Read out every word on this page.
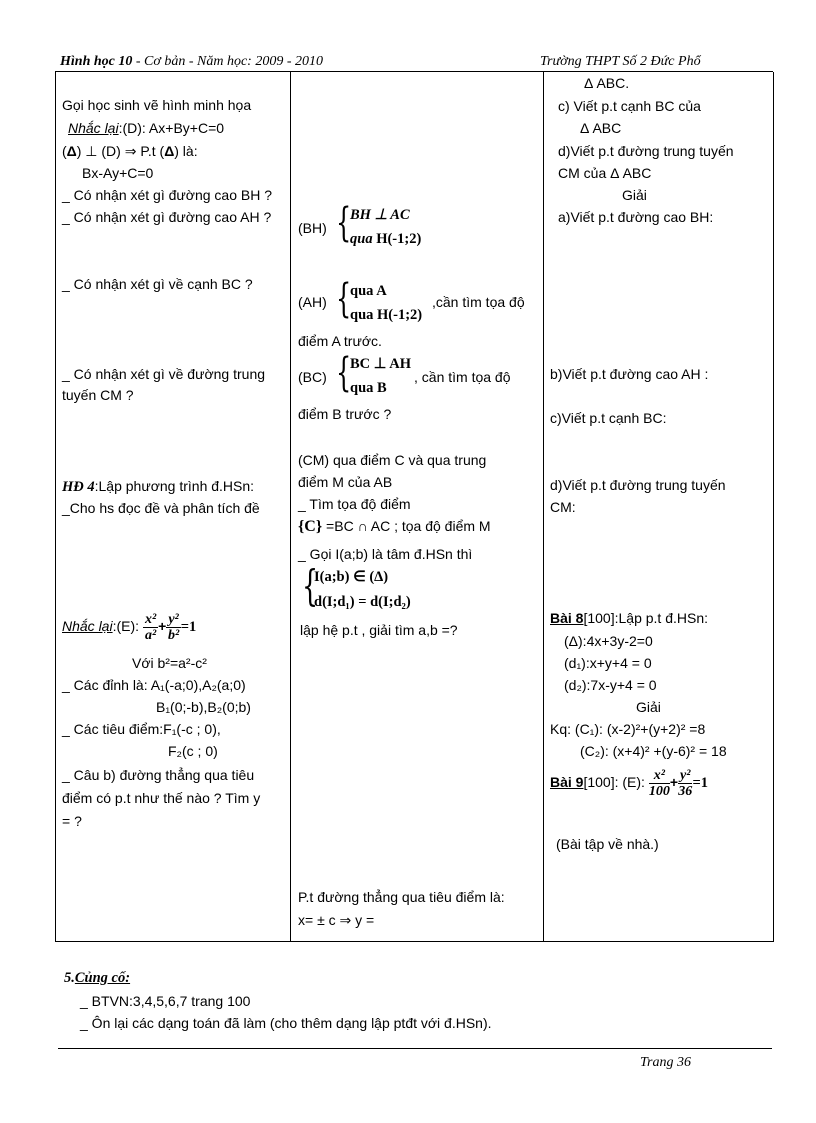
Hình học 10 - Cơ bản - Năm học: 2009 - 2010	Trường THPT Số 2 Đức Phổ
Gọi học sinh vẽ hình minh họa
Nhắc lại:(D): Ax+By+C=0
(Δ) ⊥ (D) ⇒ P.t (Δ) là:
Bx-Ay+C=0
_ Có nhận xét gì đường cao BH ?
_ Có nhận xét gì đường cao AH ?
_ Có nhận xét gì về cạnh BC ?
_ Có nhận xét gì về đường trung
tuyến CM ?
HĐ 4:Lập phương trình đ.HSn:
_Cho hs đọc đề và phân tích đề
Nhắc lại:(E): $\frac{\text{x²}}{\text{a²}} + \frac{\text{y²}}{\text{b²}} =1$
Với b²=a²-c²
_ Các đỉnh là: A₁(-a;0),A₂(a;0)
B₁(0;-b),B₂(0;b)
_ Các tiêu điểm:F₁(-c ; 0),
F₂(c ; 0)
_ Câu b) đường thẳng qua tiêu
điểm có p.t như thế nào ? Tìm y
= ?
(BH) {
BH ⊥ AC
qua H(-1;2)
(AH) {
qua A
qua H(-1;2)
,cần tìm tọa độ
điểm A trước.
(BC) {
BC ⊥ AH
qua B
, cần tìm tọa độ
điểm B trước ?
(CM) qua điểm C và qua trung
điểm M của AB
_ Tìm tọa độ điểm
{C} =BC ∩ AC ; tọa độ điểm M
_ Gọi I(a;b) là tâm đ.HSn thì
{
I(a;b) ∈ (Δ)
d(I;d₁) = d(I;d₂)
lập hệ p.t , giải tìm a,b =?
P.t đường thẳng qua tiêu điểm là:
x= ± c ⇒ y =
Δ ABC.
c) Viết p.t cạnh BC của
Δ ABC
d)Viết p.t đường trung tuyến
CM của Δ ABC
Giải
a)Viết p.t đường cao BH:
b)Viết p.t đường cao AH :
c)Viết p.t cạnh BC:
d)Viết p.t đường trung tuyến
CM:
Bài 8[100]:Lập p.t đ.HSn:
(Δ):4x+3y-2=0
(d₁):x+y+4 = 0
(d₂):7x-y+4 = 0
Giải
Kq: (C₁): (x-2)²+(y+2)² =8
(C₂): (x+4)² +(y-6)² = 18
Bài 9[100]: (E): $\frac{\text{x²}}{100} + \frac{\text{y²}}{36} =1$
(Bài tập về nhà.)
5.Củng cố:
_ BTVN:3,4,5,6,7 trang 100
_ Ôn lại các dạng toán đã làm (cho thêm dạng lập ptđt với đ.HSn).
Trang 36
